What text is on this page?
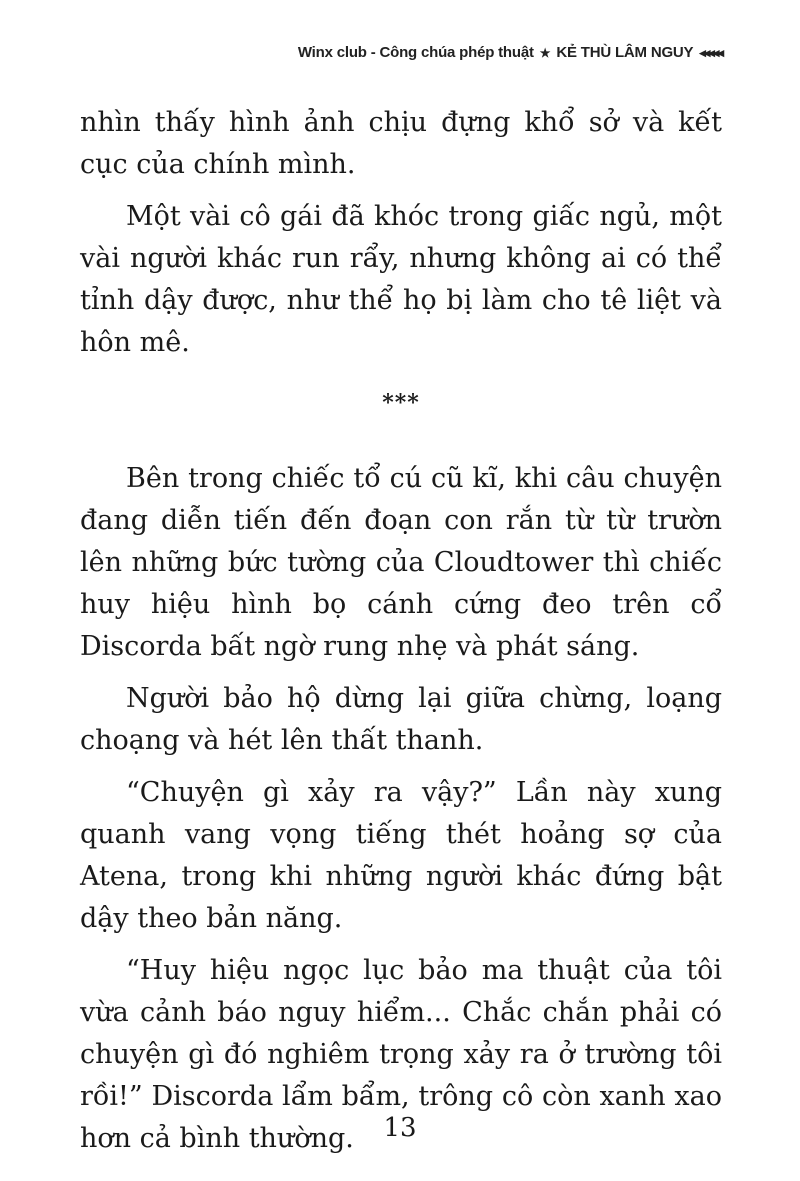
Winx club - Công chúa phép thuật ★ KẺ THÙ LÂM NGUY ◂◂◂◂◂

nhìn thấy hình ảnh chịu đựng khổ sở và kết cục của chính mình.

Một vài cô gái đã khóc trong giấc ngủ, một vài người khác run rẩy, nhưng không ai có thể tỉnh dậy được, như thể họ bị làm cho tê liệt và hôn mê.

***

Bên trong chiếc tổ cú cũ kĩ, khi câu chuyện đang diễn tiến đến đoạn con rắn từ từ trườn lên những bức tường của Cloudtower thì chiếc huy hiệu hình bọ cánh cứng đeo trên cổ Discorda bất ngờ rung nhẹ và phát sáng.

Người bảo hộ dừng lại giữa chừng, loạng choạng và hét lên thất thanh.

“Chuyện gì xảy ra vậy?” Lần này xung quanh vang vọng tiếng thét hoảng sợ của Atena, trong khi những người khác đứng bật dậy theo bản năng.

“Huy hiệu ngọc lục bảo ma thuật của tôi vừa cảnh báo nguy hiểm... Chắc chắn phải có chuyện gì đó nghiêm trọng xảy ra ở trường tôi rồi!” Discorda lẩm bẩm, trông cô còn xanh xao hơn cả bình thường.	13
